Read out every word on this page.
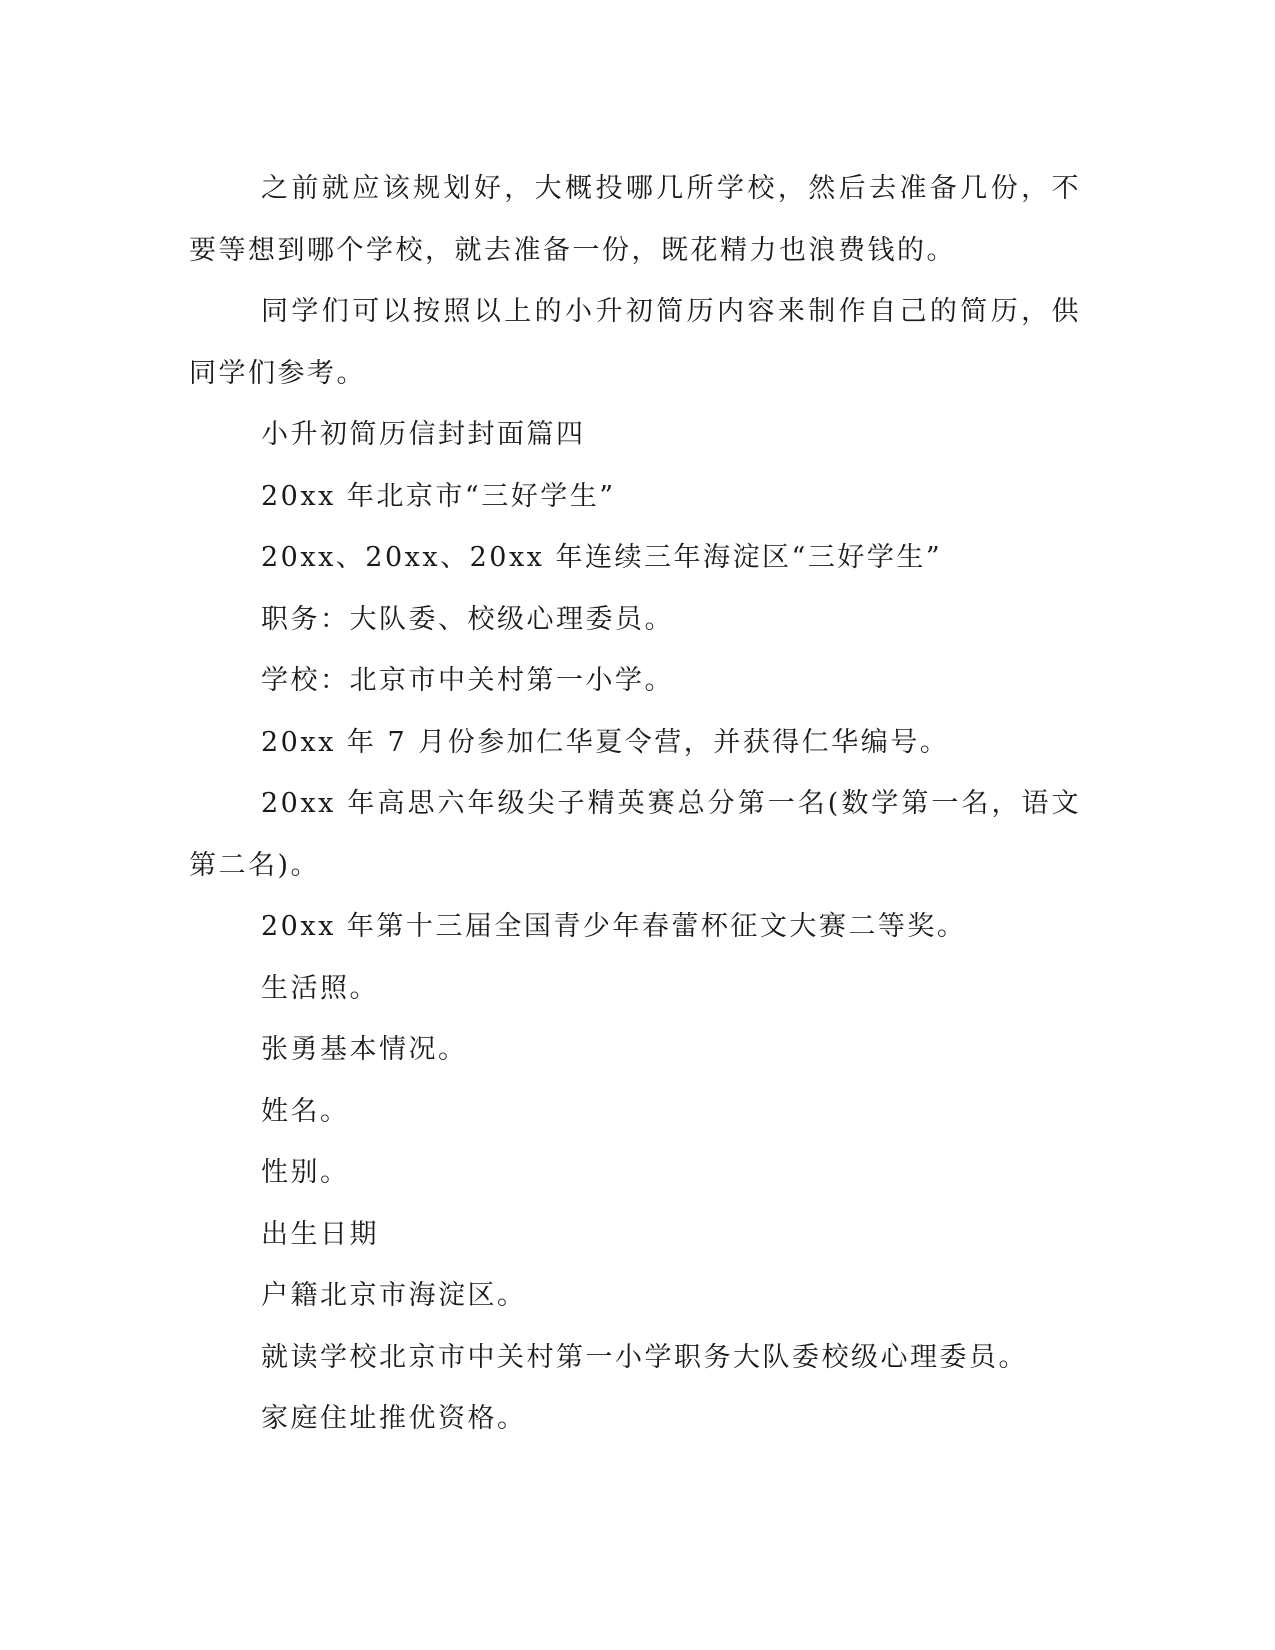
之前就应该规划好，大概投哪几所学校，然后去准备几份，不要等想到哪个学校，就去准备一份，既花精力也浪费钱的。

同学们可以按照以上的小升初简历内容来制作自己的简历，供同学们参考。

小升初简历信封封面篇四

20xx 年北京市“三好学生”

20xx、20xx、20xx 年连续三年海淀区“三好学生”

职务：大队委、校级心理委员。

学校：北京市中关村第一小学。

20xx 年 7 月份参加仁华夏令营，并获得仁华编号。

20xx 年高思六年级尖子精英赛总分第一名(数学第一名，语文第二名)。

20xx 年第十三届全国青少年春蕾杯征文大赛二等奖。

生活照。

张勇基本情况。

姓名。

性别。

出生日期

户籍北京市海淀区。

就读学校北京市中关村第一小学职务大队委校级心理委员。

家庭住址推优资格。
